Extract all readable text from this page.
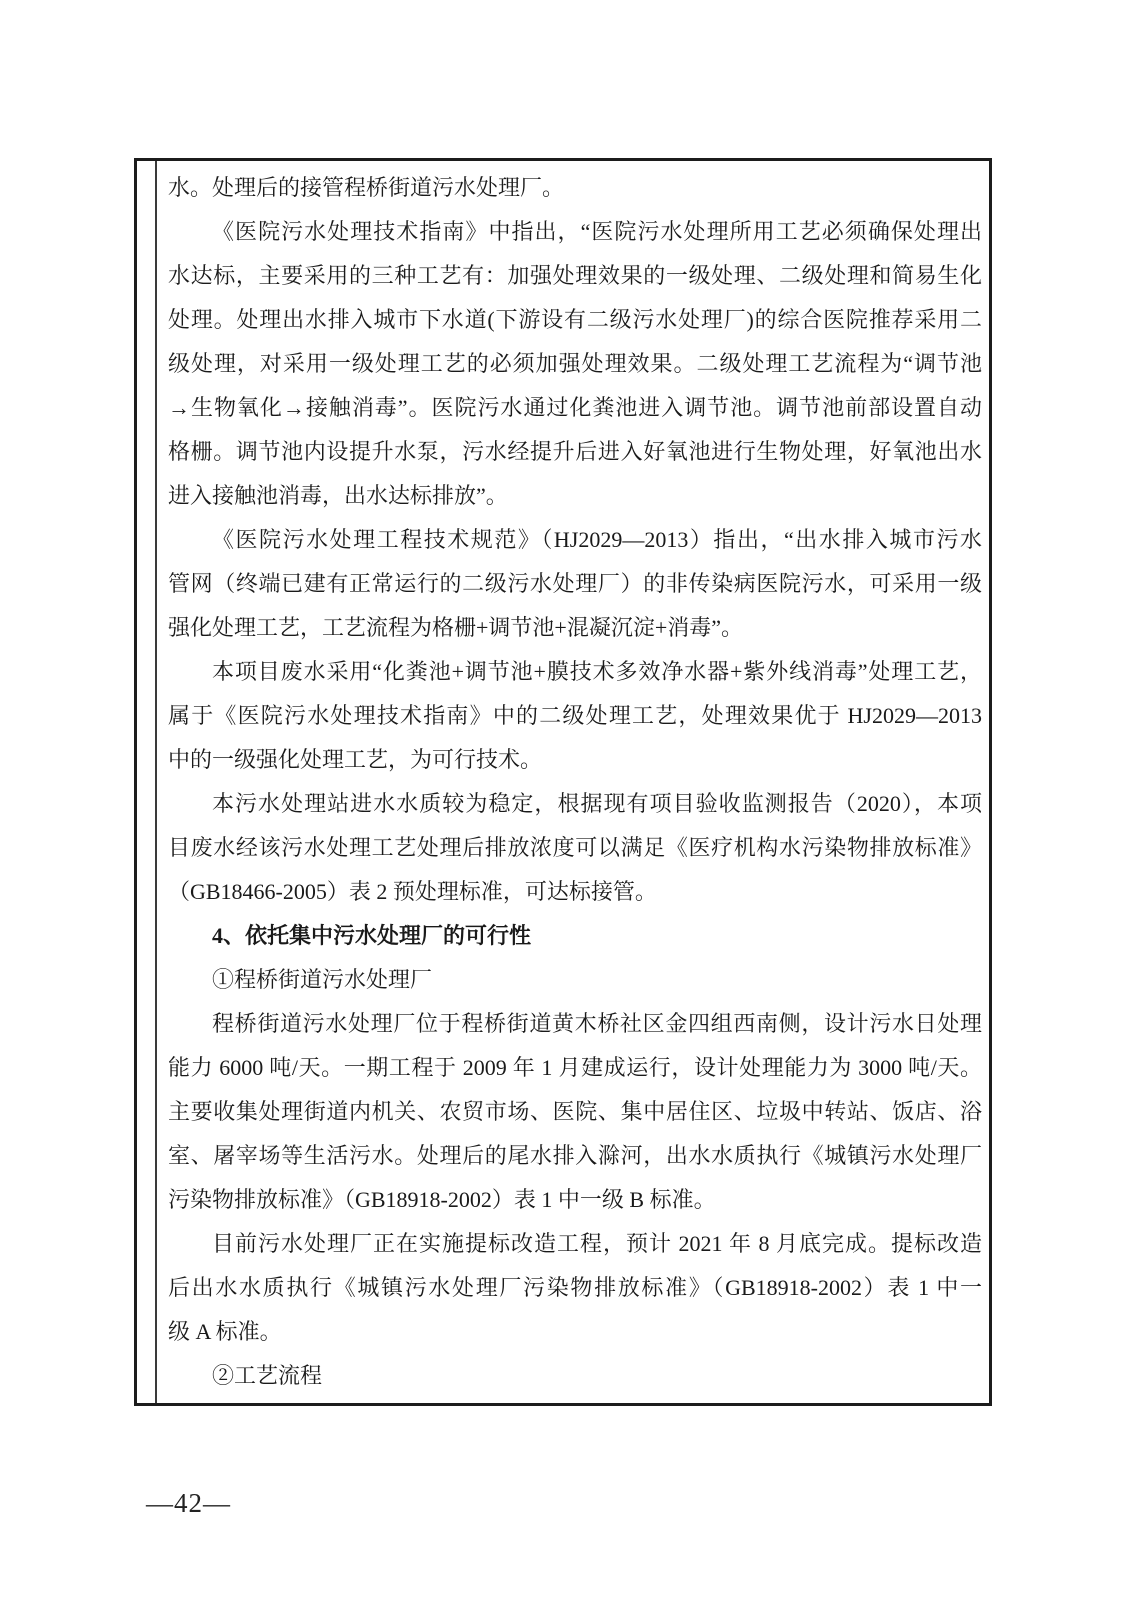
水。处理后的接管程桥街道污水处理厂。
《医院污水处理技术指南》中指出，“医院污水处理所用工艺必须确保处理出
水达标，主要采用的三种工艺有：加强处理效果的一级处理、二级处理和简易生化
处理。处理出水排入城市下水道(下游设有二级污水处理厂)的综合医院推荐采用二
级处理，对采用一级处理工艺的必须加强处理效果。二级处理工艺流程为“调节池
→生物氧化→接触消毒”。医院污水通过化粪池进入调节池。调节池前部设置自动
格栅。调节池内设提升水泵，污水经提升后进入好氧池进行生物处理，好氧池出水
进入接触池消毒，出水达标排放”。
《医院污水处理工程技术规范》（HJ2029—2013）指出，“出水排入城市污水
管网（终端已建有正常运行的二级污水处理厂）的非传染病医院污水，可采用一级
强化处理工艺，工艺流程为格栅+调节池+混凝沉淀+消毒”。
本项目废水采用“化粪池+调节池+膜技术多效净水器+紫外线消毒”处理工艺，
属于《医院污水处理技术指南》中的二级处理工艺，处理效果优于 HJ2029—2013
中的一级强化处理工艺，为可行技术。
本污水处理站进水水质较为稳定，根据现有项目验收监测报告（2020），本项
目废水经该污水处理工艺处理后排放浓度可以满足《医疗机构水污染物排放标准》
（GB18466-2005）表 2 预处理标准，可达标接管。
4、依托集中污水处理厂的可行性
①程桥街道污水处理厂
程桥街道污水处理厂位于程桥街道黄木桥社区金四组西南侧，设计污水日处理
能力 6000 吨/天。一期工程于 2009 年 1 月建成运行，设计处理能力为 3000 吨/天。
主要收集处理街道内机关、农贸市场、医院、集中居住区、垃圾中转站、饭店、浴
室、屠宰场等生活污水。处理后的尾水排入滁河，出水水质执行《城镇污水处理厂
污染物排放标准》（GB18918-2002）表 1 中一级 B 标准。
目前污水处理厂正在实施提标改造工程，预计 2021 年 8 月底完成。提标改造
后出水水质执行《城镇污水处理厂污染物排放标准》（GB18918-2002）表 1 中一
级 A 标准。
②工艺流程
—42—
